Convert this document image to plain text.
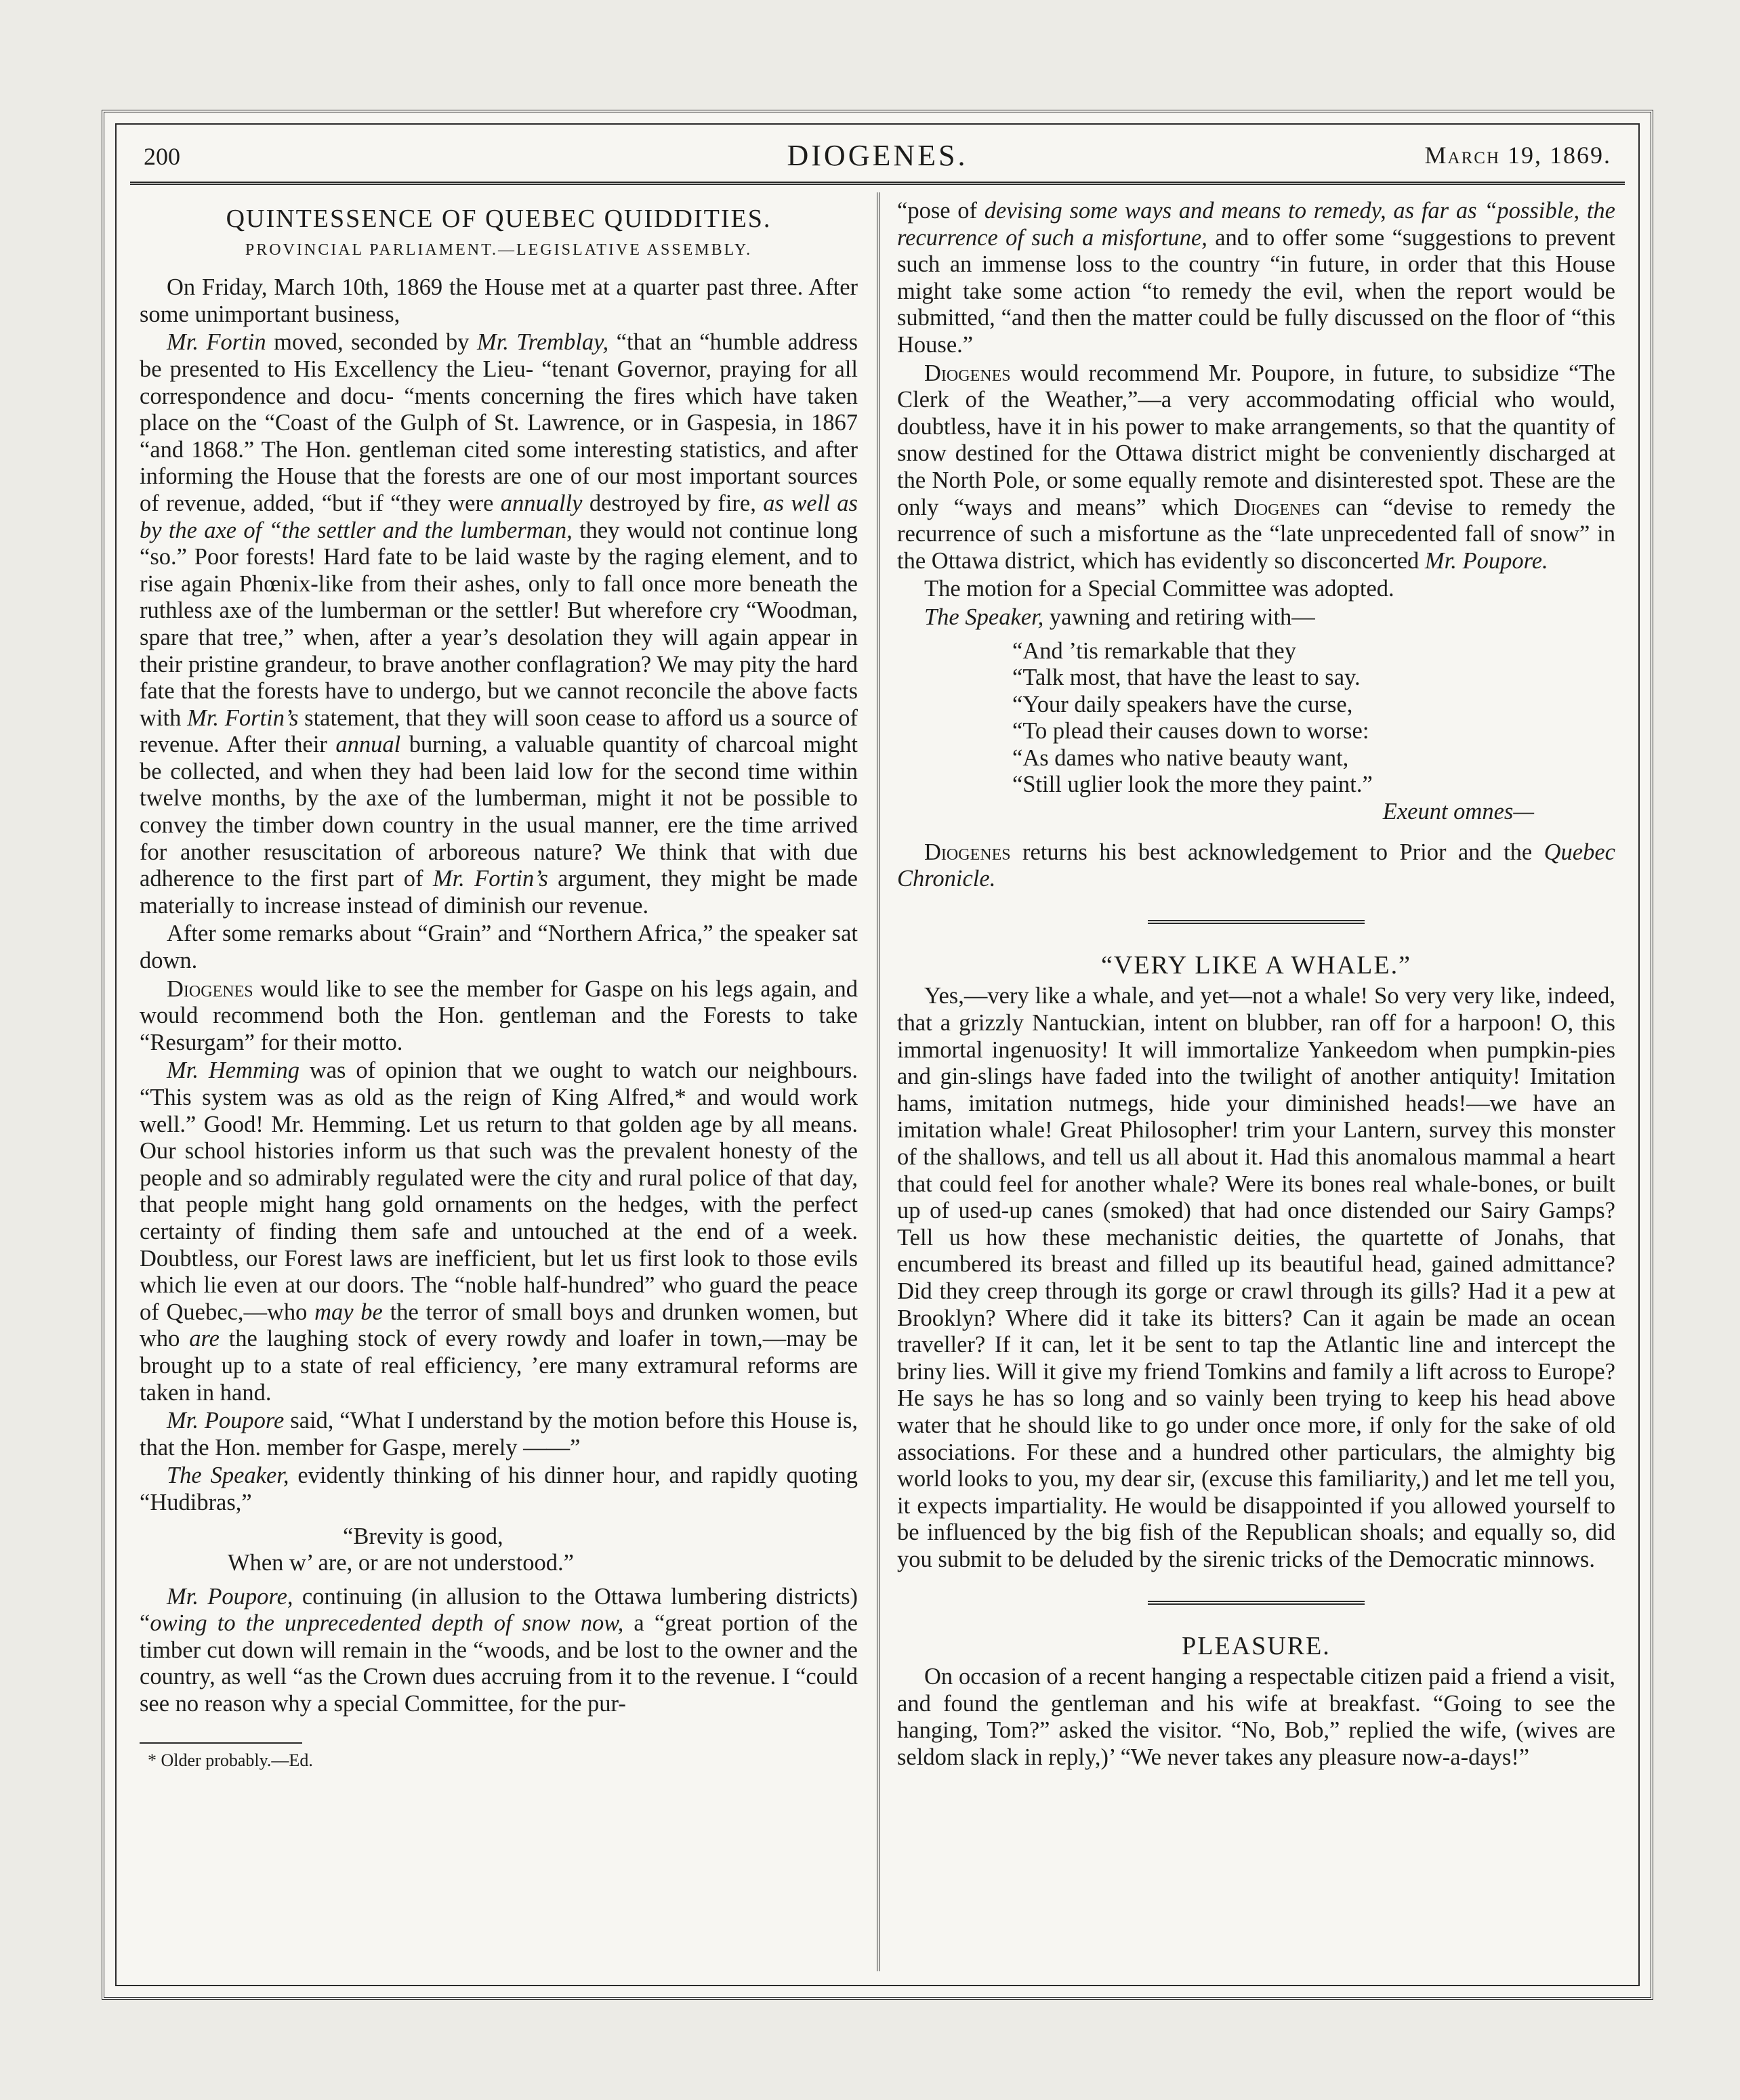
200	DIOGENES.	March 19, 1869.
QUINTESSENCE OF QUEBEC QUIDDITIES.
PROVINCIAL PARLIAMENT.—LEGISLATIVE ASSEMBLY.

On Friday, March 10th, 1869 the House met at a quarter past three. After some unimportant business,

Mr. Fortin moved, seconded by Mr. Tremblay, “that an “humble address be presented to His Excellency the Lieu- “tenant Governor, praying for all correspondence and docu- “ments concerning the fires which have taken place on the “Coast of the Gulph of St. Lawrence, or in Gaspesia, in 1867 “and 1868.” The Hon. gentleman cited some interesting statistics, and after informing the House that the forests are one of our most important sources of revenue, added, “but if “they were annually destroyed by fire, as well as by the axe of “the settler and the lumberman, they would not continue long “so.” Poor forests! Hard fate to be laid waste by the raging element, and to rise again Phœnix-like from their ashes, only to fall once more beneath the ruthless axe of the lumberman or the settler! But wherefore cry “Woodman, spare that tree,” when, after a year’s desolation they will again appear in their pristine grandeur, to brave another conflagration? We may pity the hard fate that the forests have to undergo, but we cannot reconcile the above facts with Mr. Fortin’s statement, that they will soon cease to afford us a source of revenue. After their annual burning, a valuable quantity of charcoal might be collected, and when they had been laid low for the second time within twelve months, by the axe of the lumberman, might it not be possible to convey the timber down country in the usual manner, ere the time arrived for another resuscitation of arboreous nature? We think that with due adherence to the first part of Mr. Fortin’s argument, they might be made materially to increase instead of diminish our revenue.

After some remarks about “Grain” and “Northern Africa,” the speaker sat down.

Diogenes would like to see the member for Gaspe on his legs again, and would recommend both the Hon. gentleman and the Forests to take “Resurgam” for their motto.

Mr. Hemming was of opinion that we ought to watch our neighbours. “This system was as old as the reign of King Alfred,* and would work well.” Good! Mr. Hemming. Let us return to that golden age by all means. Our school histories inform us that such was the prevalent honesty of the people and so admirably regulated were the city and rural police of that day, that people might hang gold ornaments on the hedges, with the perfect certainty of finding them safe and untouched at the end of a week. Doubtless, our Forest laws are inefficient, but let us first look to those evils which lie even at our doors. The “noble half-hundred” who guard the peace of Quebec,—who may be the terror of small boys and drunken women, but who are the laughing stock of every rowdy and loafer in town,—may be brought up to a state of real efficiency, ’ere many extramural reforms are taken in hand.

Mr. Poupore said, “What I understand by the motion before this House is, that the Hon. member for Gaspe, merely ——”

The Speaker, evidently thinking of his dinner hour, and rapidly quoting “Hudibras,”

“Brevity is good,
When w’ are, or are not understood.”

Mr. Poupore, continuing (in allusion to the Ottawa lumbering districts) “owing to the unprecedented depth of snow now, a “great portion of the timber cut down will remain in the “woods, and be lost to the owner and the country, as well “as the Crown dues accruing from it to the revenue. I “could see no reason why a special Committee, for the pur-

* Older probably.—Ed.

“pose of devising some ways and means to remedy, as far as “possible, the recurrence of such a misfortune, and to offer some “suggestions to prevent such an immense loss to the country “in future, in order that this House might take some action “to remedy the evil, when the report would be submitted, “and then the matter could be fully discussed on the floor of “this House.”

Diogenes would recommend Mr. Poupore, in future, to subsidize “The Clerk of the Weather,”—a very accommodating official who would, doubtless, have it in his power to make arrangements, so that the quantity of snow destined for the Ottawa district might be conveniently discharged at the North Pole, or some equally remote and disinterested spot. These are the only “ways and means” which Diogenes can “devise to remedy the recurrence of such a misfortune as the “late unprecedented fall of snow” in the Ottawa district, which has evidently so disconcerted Mr. Poupore.

The motion for a Special Committee was adopted.

The Speaker, yawning and retiring with—

“And ’tis remarkable that they
“Talk most, that have the least to say.
“Your daily speakers have the curse,
“To plead their causes down to worse:
“As dames who native beauty want,
“Still uglier look the more they paint.”
Exeunt omnes—

Diogenes returns his best acknowledgement to Prior and the Quebec Chronicle.

“VERY LIKE A WHALE.”

Yes,—very like a whale, and yet—not a whale! So very very like, indeed, that a grizzly Nantuckian, intent on blubber, ran off for a harpoon! O, this immortal ingenuosity! It will immortalize Yankeedom when pumpkin-pies and gin-slings have faded into the twilight of another antiquity! Imitation hams, imitation nutmegs, hide your diminished heads!—we have an imitation whale! Great Philosopher! trim your Lantern, survey this monster of the shallows, and tell us all about it. Had this anomalous mammal a heart that could feel for another whale? Were its bones real whale-bones, or built up of used-up canes (smoked) that had once distended our Sairy Gamps? Tell us how these mechanistic deities, the quartette of Jonahs, that encumbered its breast and filled up its beautiful head, gained admittance? Did they creep through its gorge or crawl through its gills? Had it a pew at Brooklyn? Where did it take its bitters? Can it again be made an ocean traveller? If it can, let it be sent to tap the Atlantic line and intercept the briny lies. Will it give my friend Tomkins and family a lift across to Europe? He says he has so long and so vainly been trying to keep his head above water that he should like to go under once more, if only for the sake of old associations. For these and a hundred other particulars, the almighty big world looks to you, my dear sir, (excuse this familiarity,) and let me tell you, it expects impartiality. He would be disappointed if you allowed yourself to be influenced by the big fish of the Republican shoals; and equally so, did you submit to be deluded by the sirenic tricks of the Democratic minnows.

PLEASURE.

On occasion of a recent hanging a respectable citizen paid a friend a visit, and found the gentleman and his wife at breakfast. “Going to see the hanging, Tom?” asked the visitor. “No, Bob,” replied the wife, (wives are seldom slack in reply,)’ “We never takes any pleasure now-a-days!”
